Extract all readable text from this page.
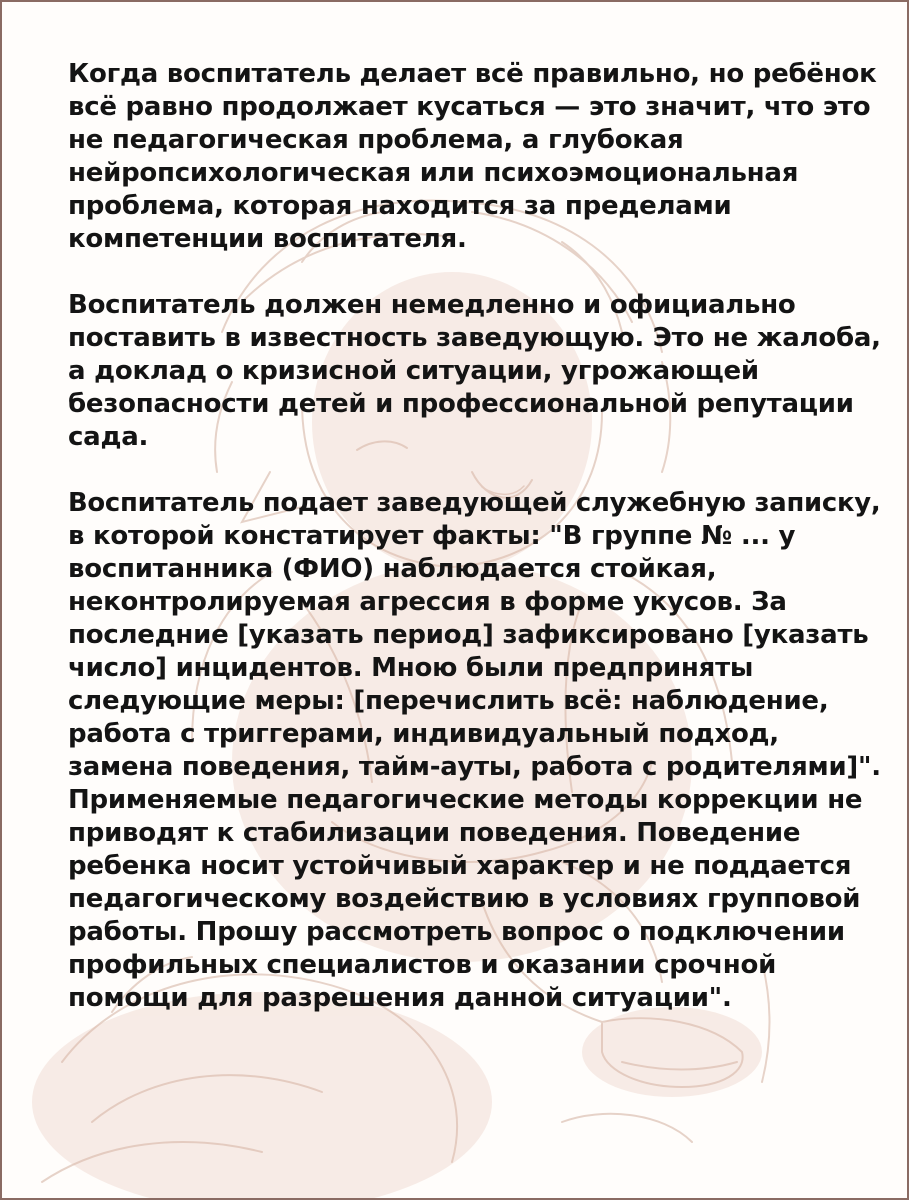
Когда воспитатель делает всё правильно, но ребёнок
всё равно продолжает кусаться — это значит, что это
не педагогическая проблема, а глубокая
нейропсихологическая или психоэмоциональная
проблема, которая находится за пределами
компетенции воспитателя.

Воспитатель должен немедленно и официально
поставить в известность заведующую. Это не жалоба,
а доклад о кризисной ситуации, угрожающей
безопасности детей и профессиональной репутации
сада.

Воспитатель подает заведующей служебную записку,
в которой констатирует факты: "В группе № ... у
воспитанника (ФИО) наблюдается стойкая,
неконтролируемая агрессия в форме укусов. За
последние [указать период] зафиксировано [указать
число] инцидентов. Мною были предприняты
следующие меры: [перечислить всё: наблюдение,
работа с триггерами, индивидуальный подход,
замена поведения, тайм-ауты, работа с родителями]".
Применяемые педагогические методы коррекции не
приводят к стабилизации поведения. Поведение
ребенка носит устойчивый характер и не поддается
педагогическому воздействию в условиях групповой
работы. Прошу рассмотреть вопрос о подключении
профильных специалистов и оказании срочной
помощи для разрешения данной ситуации".
